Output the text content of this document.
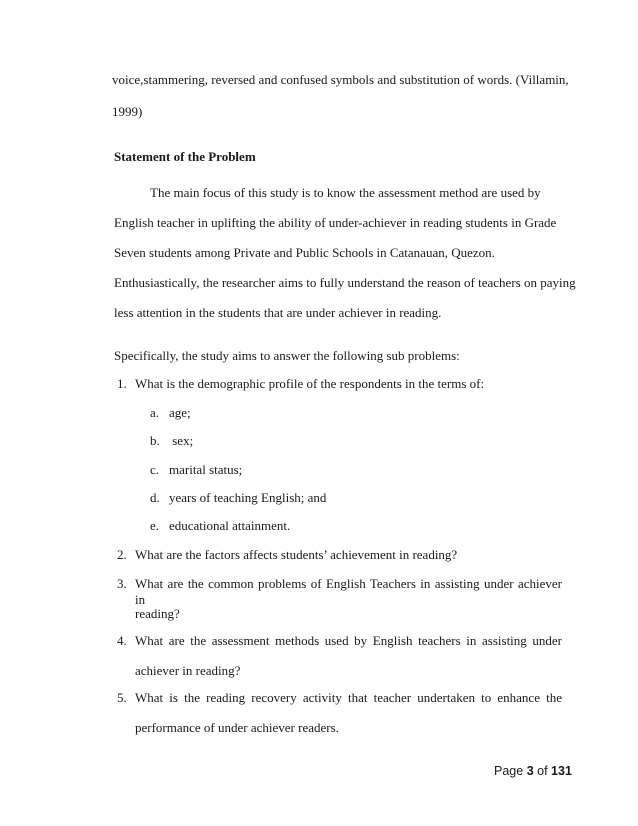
voice,stammering, reversed and confused symbols and substitution of words. (Villamin,
1999)
Statement of the Problem
The main focus of this study is to know the assessment method are used by
English teacher in uplifting the ability of under-achiever in reading students in Grade
Seven students among Private and Public Schools in Catanauan, Quezon.
Enthusiastically, the researcher aims to fully understand the reason of teachers on paying
less attention in the students that are under achiever in reading.
Specifically, the study aims to answer the following sub problems:
1. What is the demographic profile of the respondents in the terms of:
a. age;
b. sex;
c. marital status;
d. years of teaching English; and
e. educational attainment.
2. What are the factors affects students’ achievement in reading?
3. What are the common problems of English Teachers in assisting under achiever in
reading?
4. What are the assessment methods used by English teachers in assisting under
achiever in reading?
5. What is the reading recovery activity that teacher undertaken to enhance the
performance of under achiever readers.
Page 3 of 131
